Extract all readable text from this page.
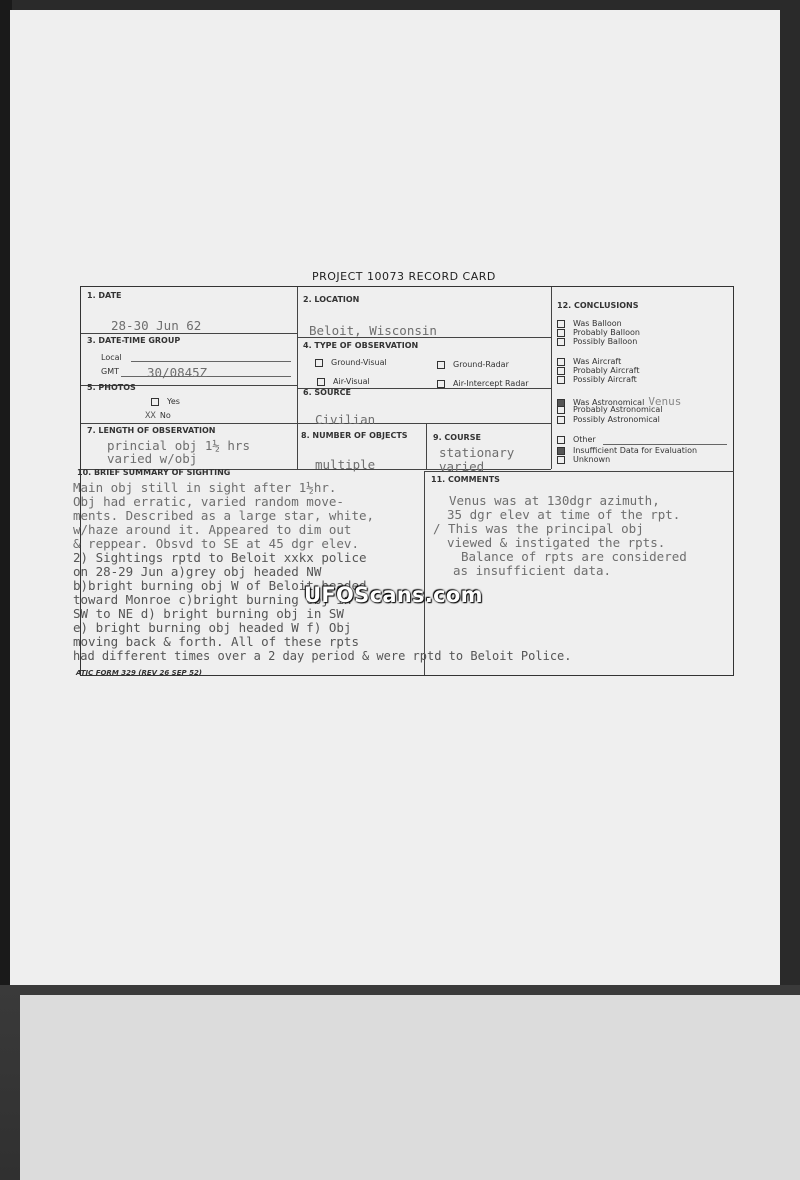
PROJECT 10073 RECORD CARD
1. DATE
28-30 Jun 62
2. LOCATION
Beloit, Wisconsin
3. DATE-TIME GROUP
Local
GMT 30/0845Z
4. TYPE OF OBSERVATION
Ground-Visual	Ground-Radar
Air-Visual	Air-Intercept Radar
5. PHOTOS
Yes
XX No
6. SOURCE
Civilian
7. LENGTH OF OBSERVATION
princial obj 1½ hrs
varied w/obj
8. NUMBER OF OBJECTS
multiple
9. COURSE
stationary
varied
10. BRIEF SUMMARY OF SIGHTING
Main obj still in sight after 1½hr.
Obj had erratic, varied random move-
ments. Described as a large star, white,
w/haze around it. Appeared to dim out
& reppear. Obsvd to SE at 45 dgr elev.
2) Sightings rptd to Beloit xxkx police
on 28-29 Jun a)grey obj headed NW
b)bright burning obj W of Beloit headed
toward Monroe c)bright burning obj in
SW to NE d) bright burning obj in SW
e) bright burning obj headed W f) Obj
moving back & forth. All of these rpts
had different times over a 2 day period & were rptd to Beloit Police.
11. COMMENTS
Venus was at 130dgr azimuth,
35 dgr elev at time of the rpt.
/ This was the principal obj
viewed & instigated the rpts.
Balance of rpts are considered
as insufficient data.
12. CONCLUSIONS
Was Balloon
Probably Balloon
Possibly Balloon
Was Aircraft
Probably Aircraft
Possibly Aircraft
Was Astronomical Venus
Probably Astronomical
Possibly Astronomical
Other
Insufficient Data for Evaluation
Unknown
ATIC FORM 329 (REV 26 SEP 52)
UFOScans.com
